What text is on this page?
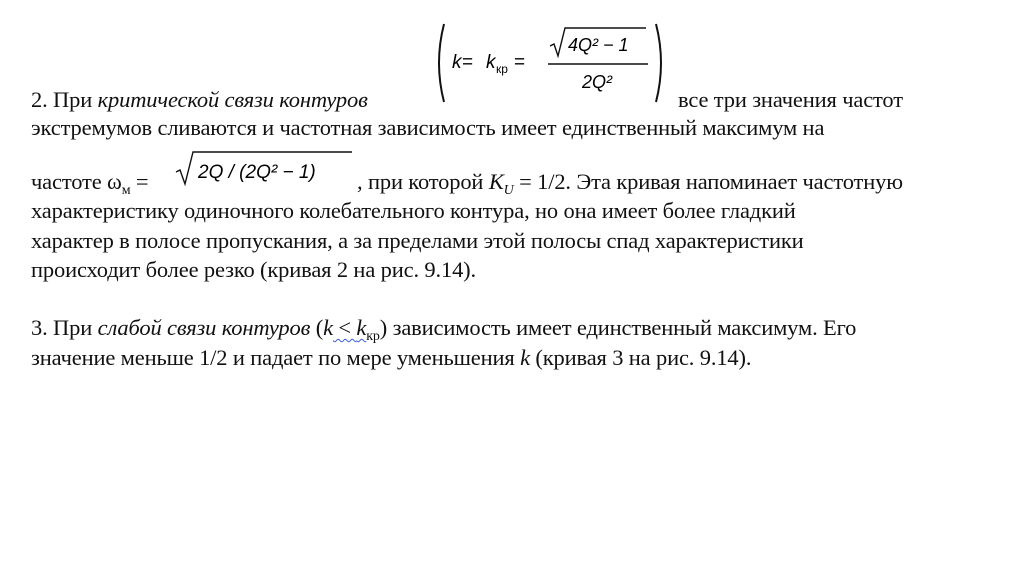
k = k кр =
4Q² − 1
2Q²
2. При критической связи контуров	все три значения частот
экстремумов сливаются и частотная зависимость имеет единственный максимум на
частоте $\omega_м$ =	2Q / (2Q² − 1) , при которой $K_U = 1/2$. Эта кривая напоминает частотную
характеристику одиночного колебательного контура, но она имеет более гладкий
характер в полосе пропускания, а за пределами этой полосы спад характеристики
происходит более резко (кривая 2 на рис. 9.14).
3. При слабой связи контуров $(k < k_{кр})$ зависимость имеет единственный максимум. Его
значение меньше 1/2 и падает по мере уменьшения k (кривая 3 на рис. 9.14).
